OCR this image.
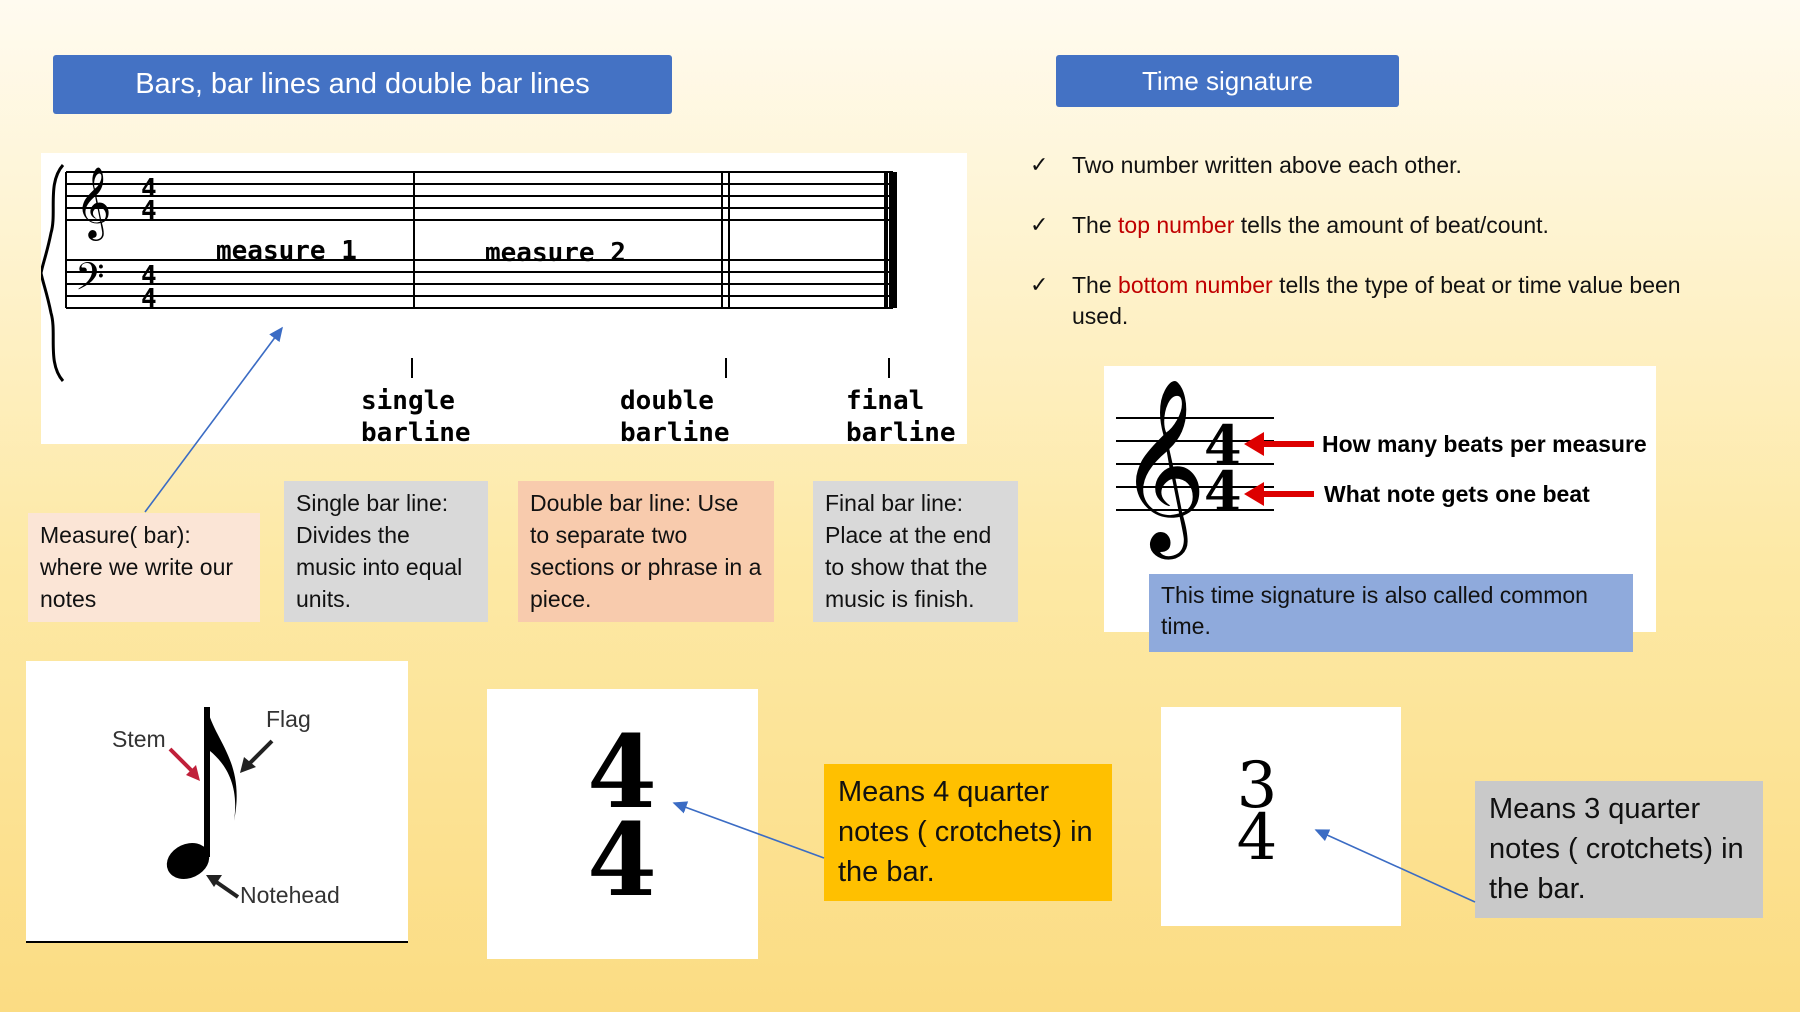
Bars, bar lines and double bar lines	Time signature
𝄞
𝄢
4
4
4
4
measure 1	measure 2
single
barline
double
barline
final
barline
Measure( bar): where we write our notes
Single bar line: Divides the music into equal units.
Double bar line: Use to separate two sections or phrase in a piece.
Final bar line: Place at the end to show that the music is finish.
✓	Two number written above each other.
✓	The top number tells the amount of beat/count.
✓	The bottom number tells the type of beat or time value been used.
𝄞
4
4
How many beats per measure
What note gets one beat
This time signature is also called common time.
Stem
Flag
Notehead
4
4
3
4
Means 4 quarter notes ( crotchets) in the bar.
Means 3 quarter notes ( crotchets) in the bar.
